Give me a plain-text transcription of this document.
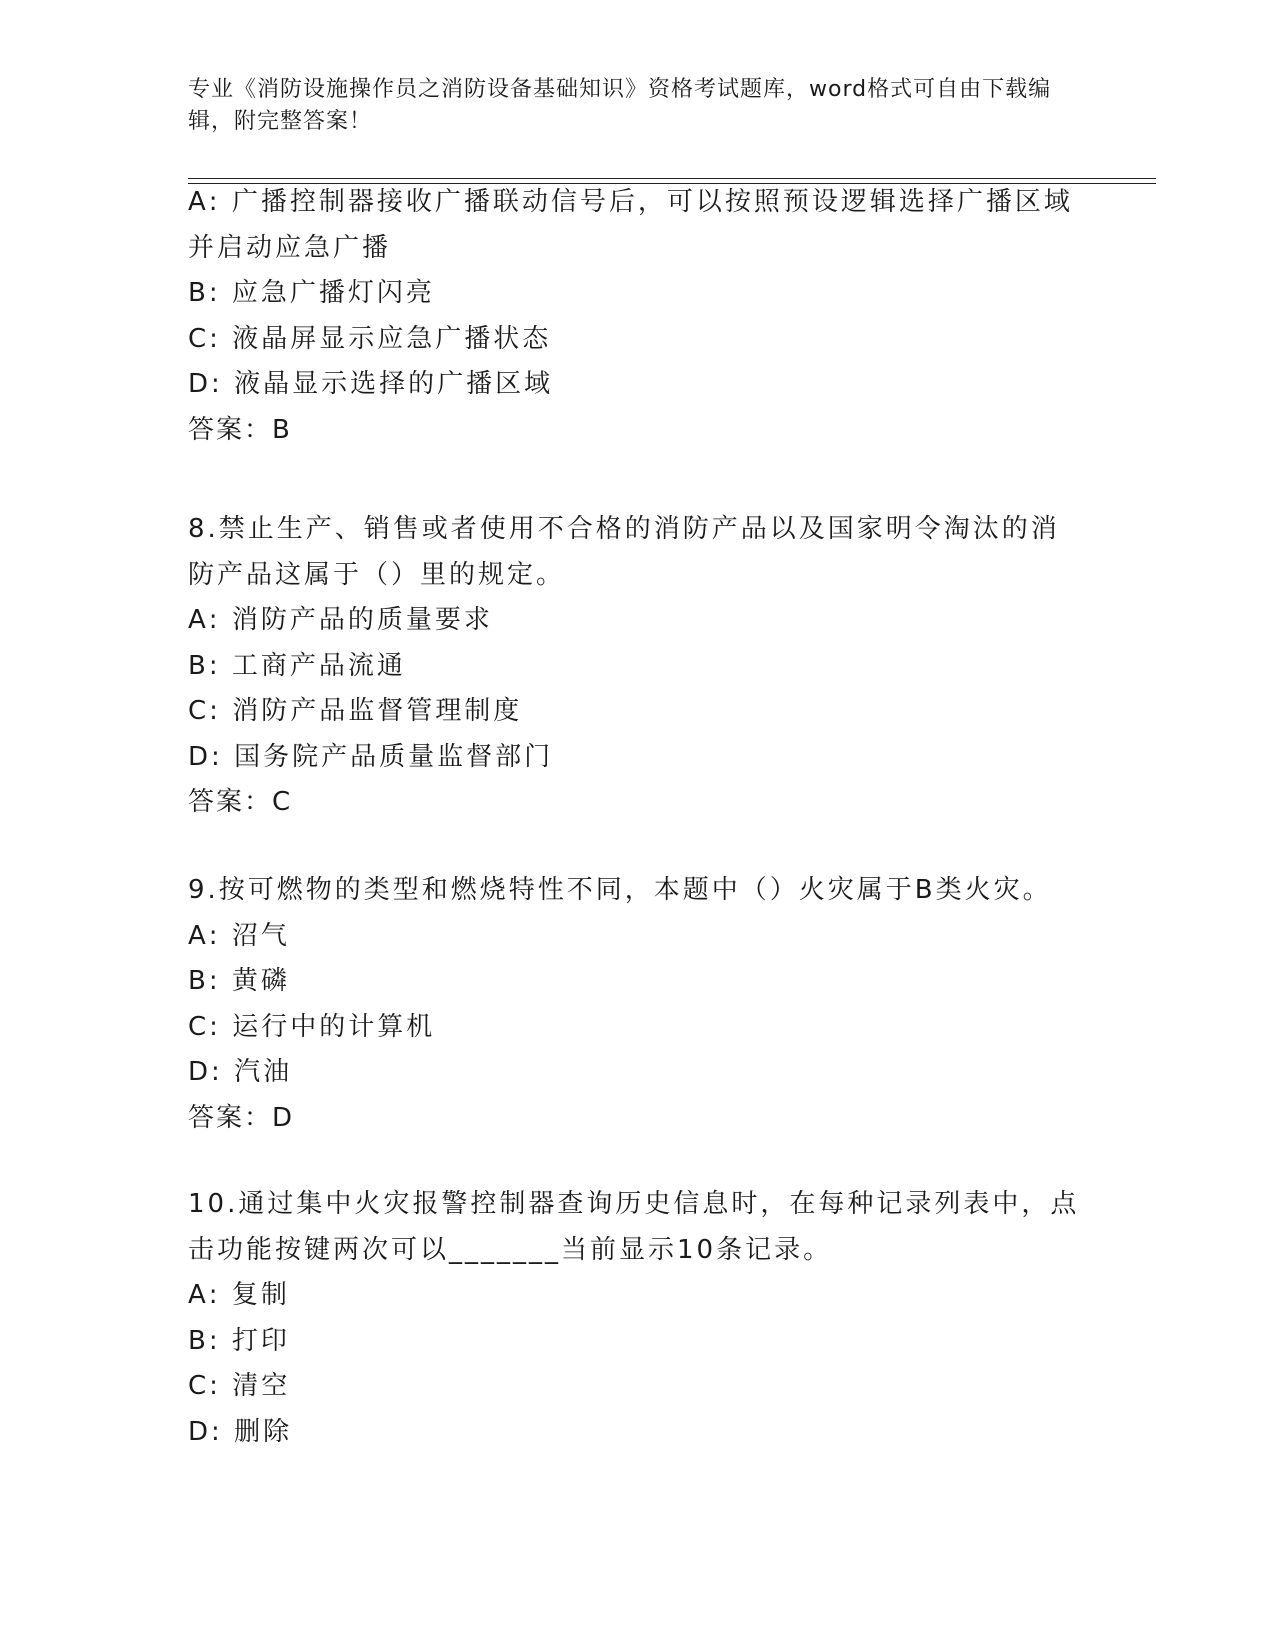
专业《消防设施操作员之消防设备基础知识》资格考试题库，word格式可自由下载编辑，附完整答案！
A: 广播控制器接收广播联动信号后，可以按照预设逻辑选择广播区域
并启动应急广播
B: 应急广播灯闪亮
C: 液晶屏显示应急广播状态
D: 液晶显示选择的广播区域
答案：B
8.禁止生产、销售或者使用不合格的消防产品以及国家明令淘汰的消
防产品这属于（）里的规定。
A: 消防产品的质量要求
B: 工商产品流通
C: 消防产品监督管理制度
D: 国务院产品质量监督部门
答案：C
9.按可燃物的类型和燃烧特性不同，本题中（）火灾属于B类火灾。
A: 沼气
B: 黄磷
C: 运行中的计算机
D: 汽油
答案：D
10.通过集中火灾报警控制器查询历史信息时，在每种记录列表中，点
击功能按键两次可以_______当前显示10条记录。
A: 复制
B: 打印
C: 清空
D: 删除
